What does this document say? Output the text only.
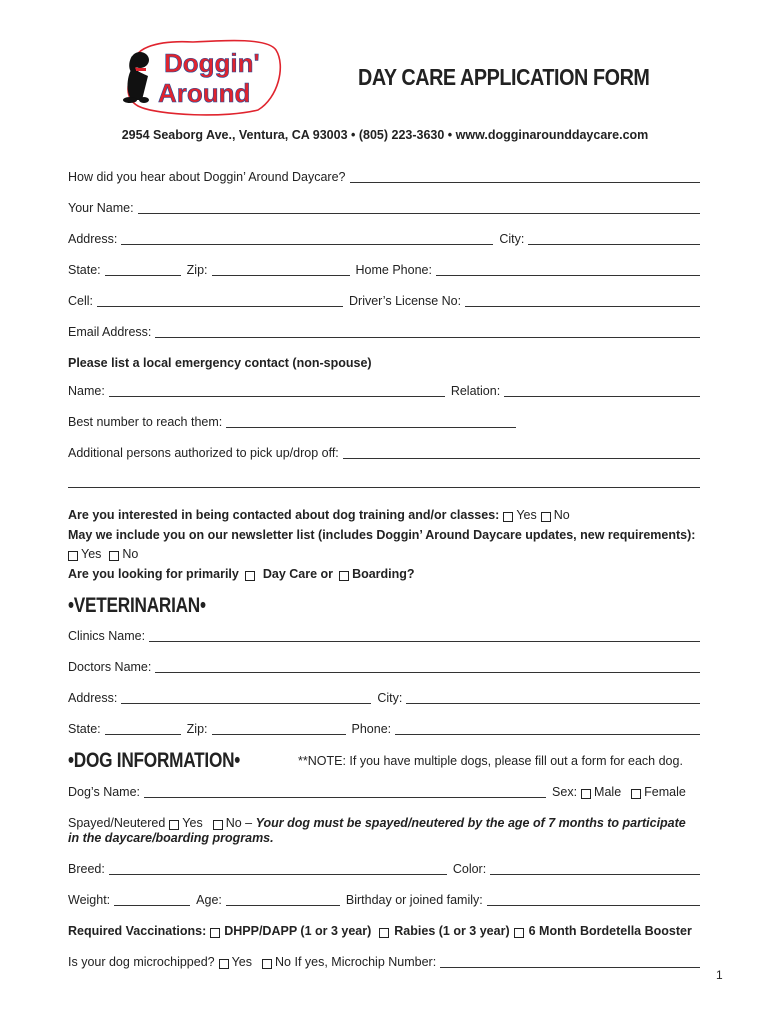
Doggin'
Around
DAY CARE APPLICATION FORM
2954 Seaborg Ave., Ventura, CA 93003 • (805) 223-3630 • www.dogginarounddaycare.com
How did you hear about Doggin’ Around Daycare?
Your Name:
Address:	City:
State:	Zip:	Home Phone:
Cell:	Driver’s License No:
Email Address:
Please list a local emergency contact (non-spouse)
Name:	Relation:
Best number to reach them:
Additional persons authorized to pick up/drop off:
Are you interested in being contacted about dog training and/or classes: Yes No
May we include you on our newsletter list (includes Doggin’ Around Daycare updates, new requirements):
Yes No
Are you looking for primarily Day Care or Boarding?
•VETERINARIAN•
Clinics Name:
Doctors Name:
Address:	City:
State:	Zip:	Phone:
•DOG INFORMATION•	**NOTE: If you have multiple dogs, please fill out a form for each dog.
Dog’s Name:	Sex: Male Female
Spayed/Neutered Yes No – Your dog must be spayed/neutered by the age of 7 months to participate
in the daycare/boarding programs.
Breed:	Color:
Weight:	Age:	Birthday or joined family:
Required Vaccinations: DHPP/DAPP (1 or 3 year) Rabies (1 or 3 year) 6 Month Bordetella Booster
Is your dog microchipped? Yes No If yes, Microchip Number:
1
